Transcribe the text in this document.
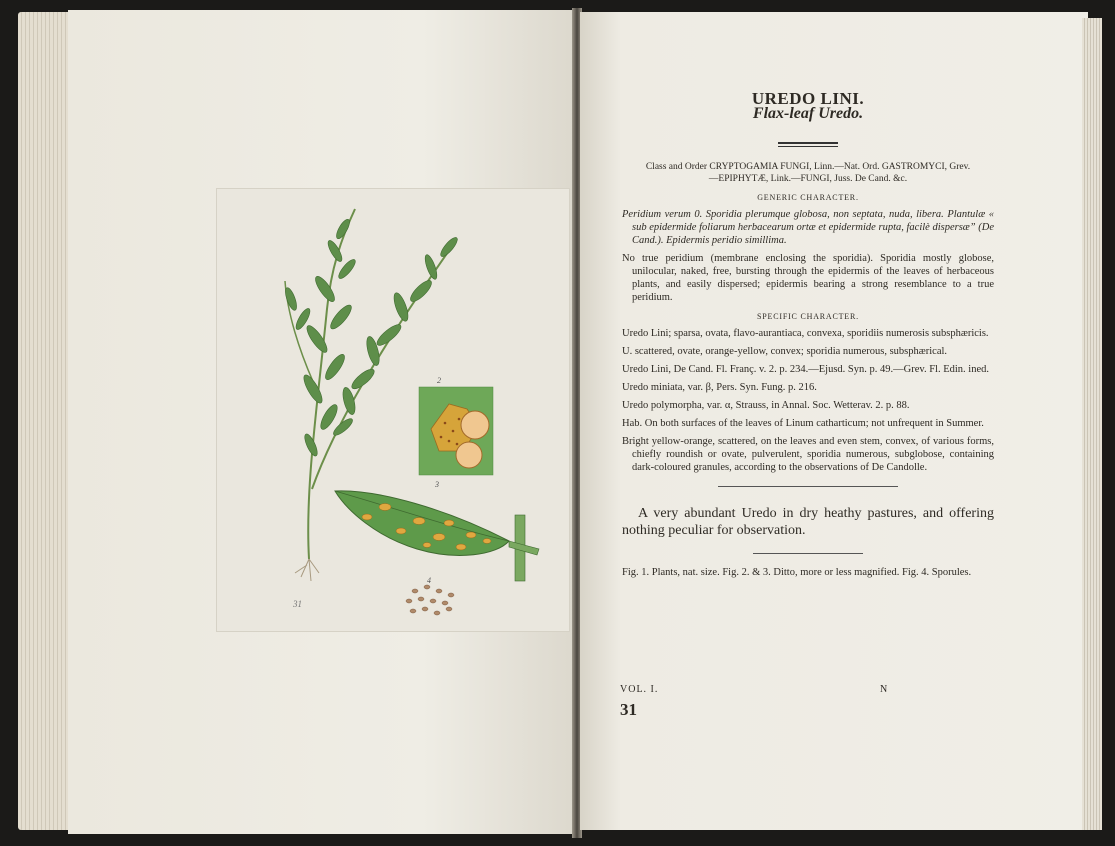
2
3
4
31
UREDO LINI.
Flax-leaf Uredo.
Class and Order CRYPTOGAMIA FUNGI, Linn.—Nat. Ord. GASTROMYCI, Grev.
—EPIPHYTÆ, Link.—FUNGI, Juss. De Cand. &c.
GENERIC CHARACTER.

Peridium verum 0. Sporidia plerumque globosa, non septata, nuda, libera. Plantulæ « sub epidermide foliarum herbacearum ortæ et epidermide rupta, facilè dispersæ” (De Cand.). Epidermis peridio simillima.

No true peridium (membrane enclosing the sporidia). Sporidia mostly globose, unilocular, naked, free, bursting through the epidermis of the leaves of herbaceous plants, and easily dispersed; epidermis bearing a strong resemblance to a true peridium.

SPECIFIC CHARACTER.

Uredo Lini; sparsa, ovata, flavo-aurantiaca, convexa, sporidiis numerosis subsphæricis.

U. scattered, ovate, orange-yellow, convex; sporidia numerous, subsphærical.

Uredo Lini, De Cand. Fl. Franç. v. 2. p. 234.—Ejusd. Syn. p. 49.—Grev. Fl. Edin. ined.

Uredo miniata, var. β, Pers. Syn. Fung. p. 216.

Uredo polymorpha, var. α, Strauss, in Annal. Soc. Wetterav. 2. p. 88.

Hab. On both surfaces of the leaves of Linum catharticum; not unfrequent in Summer.

Bright yellow-orange, scattered, on the leaves and even stem, convex, of various forms, chiefly roundish or ovate, pulverulent, sporidia numerous, subglobose, containing dark-coloured granules, according to the observations of De Candolle.

A very abundant Uredo in dry heathy pastures, and offering nothing peculiar for observation.

Fig. 1. Plants, nat. size. Fig. 2. & 3. Ditto, more or less magnified. Fig. 4. Sporules.

VOL. I.	N
31
